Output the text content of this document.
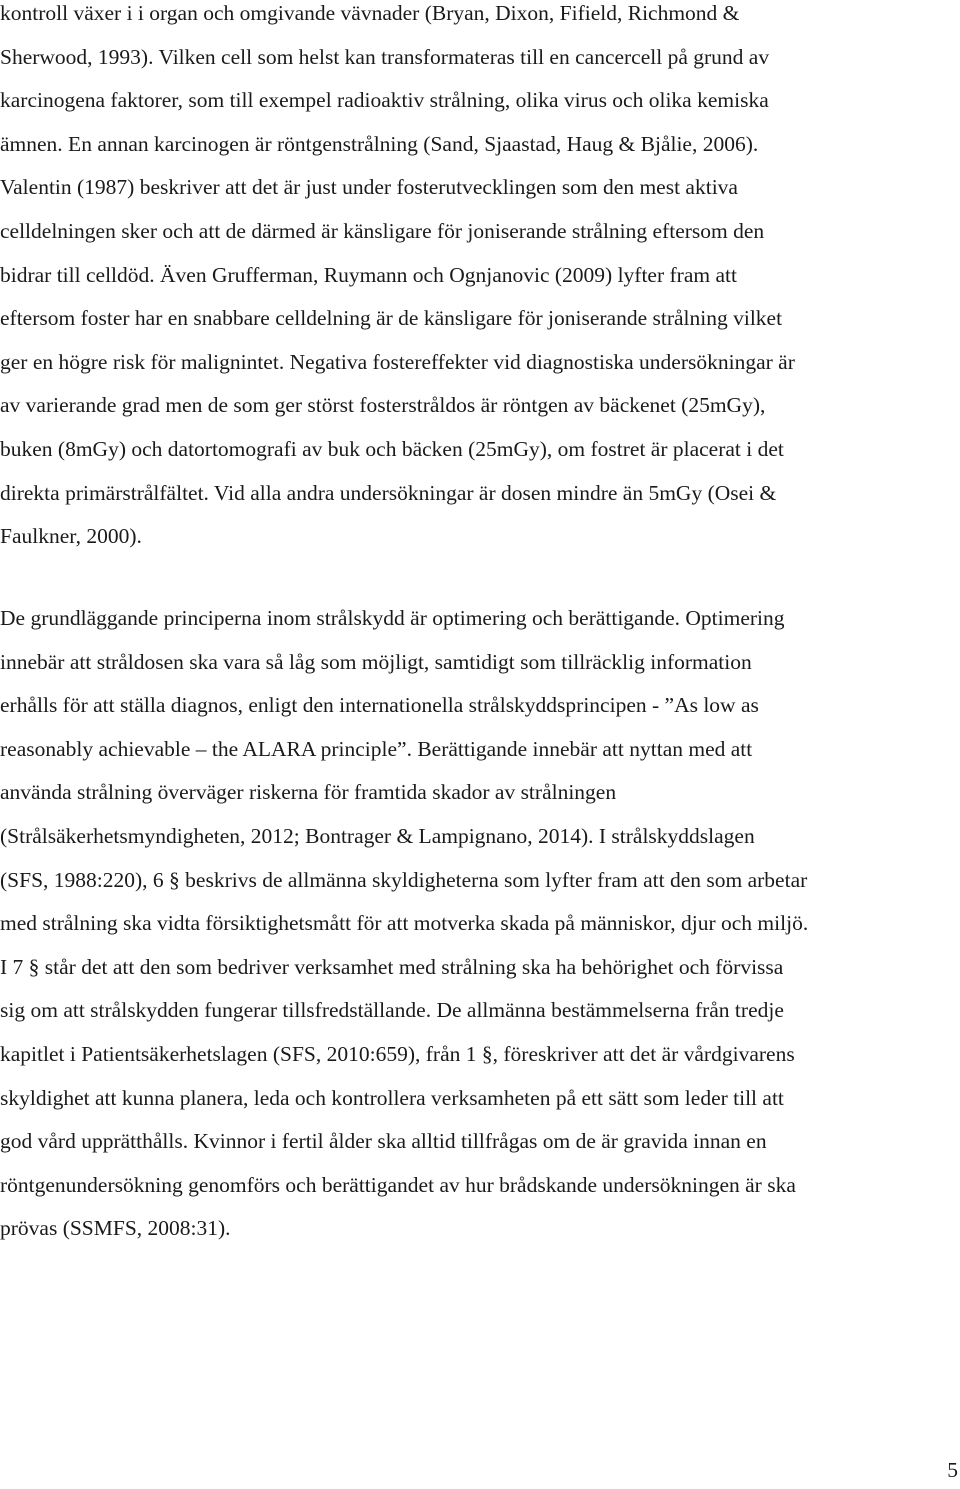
kontroll växer i i organ och omgivande vävnader (Bryan, Dixon, Fifield, Richmond &

Sherwood, 1993). Vilken cell som helst kan transformateras till en cancercell på grund av

karcinogena faktorer, som till exempel radioaktiv strålning, olika virus och olika kemiska

ämnen. En annan karcinogen är röntgenstrålning (Sand, Sjaastad, Haug & Bjålie, 2006).

Valentin (1987) beskriver att det är just under fosterutvecklingen som den mest aktiva

celldelningen sker och att de därmed är känsligare för joniserande strålning eftersom den

bidrar till celldöd. Även Grufferman, Ruymann och Ognjanovic (2009) lyfter fram att

eftersom foster har en snabbare celldelning är de känsligare för joniserande strålning vilket

ger en högre risk för malignintet. Negativa fostereffekter vid diagnostiska undersökningar är

av varierande grad men de som ger störst fosterstråldos är röntgen av bäckenet (25mGy),

buken (8mGy) och datortomografi av buk och bäcken (25mGy), om fostret är placerat i det

direkta primärstrålfältet. Vid alla andra undersökningar är dosen mindre än 5mGy (Osei &

Faulkner, 2000).

De grundläggande principerna inom strålskydd är optimering och berättigande. Optimering

innebär att stråldosen ska vara så låg som möjligt, samtidigt som tillräcklig information

erhålls för att ställa diagnos, enligt den internationella strålskyddsprincipen - ”As low as

reasonably achievable – the ALARA principle”. Berättigande innebär att nyttan med att

använda strålning överväger riskerna för framtida skador av strålningen

(Strålsäkerhetsmyndigheten, 2012; Bontrager & Lampignano, 2014). I strålskyddslagen

(SFS, 1988:220), 6 § beskrivs de allmänna skyldigheterna som lyfter fram att den som arbetar

med strålning ska vidta försiktighetsmått för att motverka skada på människor, djur och miljö.

I 7 § står det att den som bedriver verksamhet med strålning ska ha behörighet och förvissa

sig om att strålskydden fungerar tillsfredställande. De allmänna bestämmelserna från tredje

kapitlet i Patientsäkerhetslagen (SFS, 2010:659), från 1 §, föreskriver att det är vårdgivarens

skyldighet att kunna planera, leda och kontrollera verksamheten på ett sätt som leder till att

god vård upprätthålls. Kvinnor i fertil ålder ska alltid tillfrågas om de är gravida innan en

röntgenundersökning genomförs och berättigandet av hur brådskande undersökningen är ska

prövas (SSMFS, 2008:31).

5
